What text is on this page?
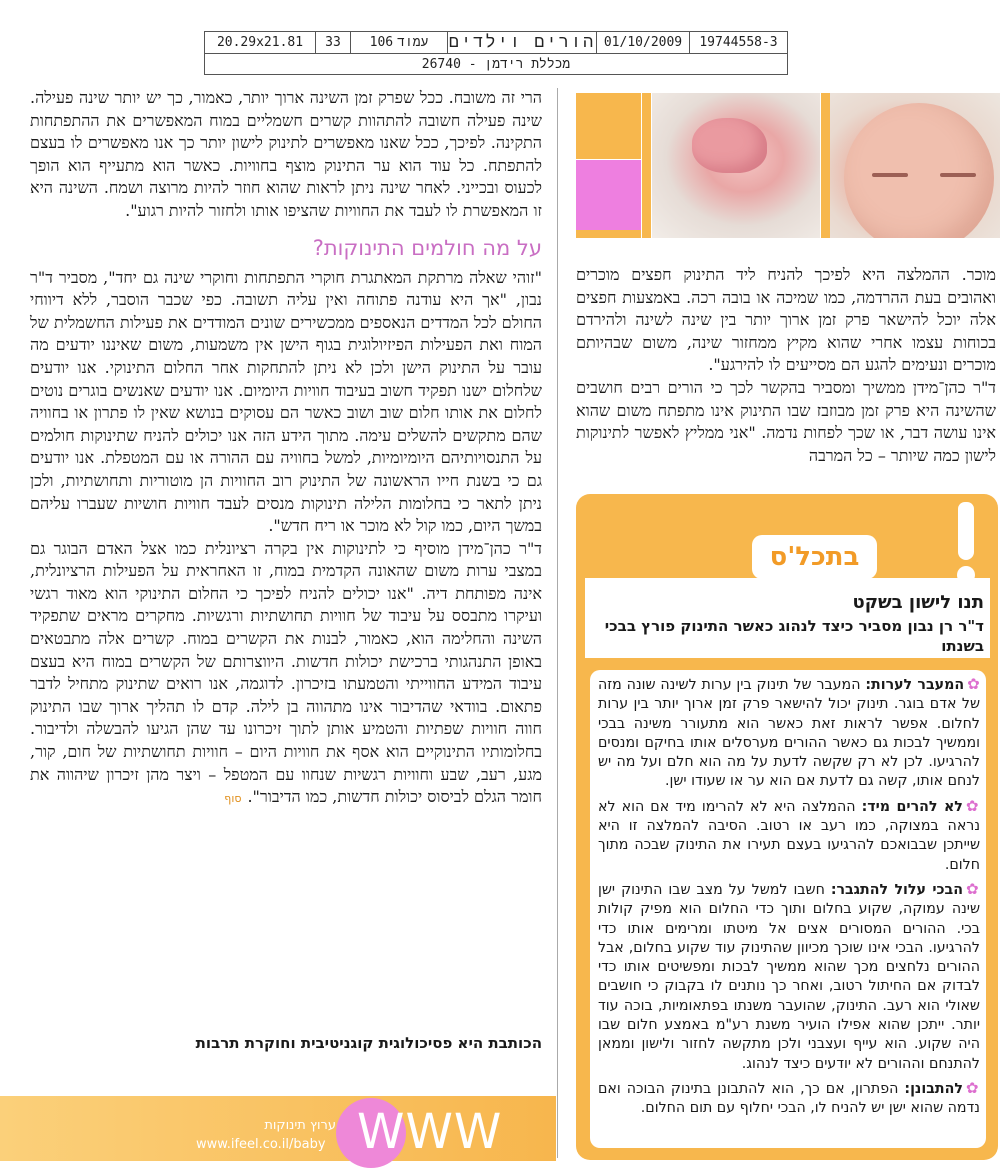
20.29x21.81	33	עמוד
106	הורים וילדים 01/10/2009	19744558-3
מכללת רידמן - 26740

הרי זה משובח. ככל שפרק זמן השינה ארוך יותר, כאמור, כך יש יותר שינה פעילה. שינה פעילה חשובה להתהוות קשרים חשמליים במוח המאפשרים את ההתפתחות התקינה. לפיכך, ככל שאנו מאפשרים לתינוק לישון יותר כך אנו מאפשרים לו בעצם להתפתח. כל עוד הוא ער התינוק מוצף בחוויות. כאשר הוא מתעייף הוא הופך לכעוס ובכייני. לאחר שינה ניתן לראות שהוא חוזר להיות מרוצה ושמח. השינה היא זו המאפשרת לו לעבד את החוויות שהציפו אותו ולחזור להיות רגוע".

על מה חולמים התינוקות?

"זוהי שאלה מרתקת המאתגרת חוקרי התפתחות וחוקרי שינה גם יחד", מסביר ד"ר נבון, "אך היא עודנה פתוחה ואין עליה תשובה. כפי שכבר הוסבר, ללא דיווחי החולם לכל המדדים הנאספים ממכשירים שונים המודדים את פעילות החשמלית של המוח ואת הפעילות הפיזיולוגית בגוף הישן אין משמעות, משום שאיננו יודעים מה עובר על התינוק הישן ולכן לא ניתן להתחקות אחר החלום התינוקי. אנו יודעים שלחלום ישנו תפקיד חשוב בעיבוד חוויות היומיום. אנו יודעים שאנשים בוגרים נוטים לחלום את אותו חלום שוב ושוב כאשר הם עסוקים בנושא שאין לו פתרון או בחוויה שהם מתקשים להשלים עימה. מתוך הידע הזה אנו יכולים להניח שתינוקות חולמים על התנסויותיהם היומיומיות, למשל בחוויה עם ההורה או עם המטפלת. אנו יודעים גם כי בשנת חייו הראשונה של התינוק רוב החוויות הן מוטוריות ותחושתיות, ולכן ניתן לתאר כי בחלומות הלילה תינוקות מנסים לעבד חוויות חושיות שעברו עליהם במשך היום, כמו קול לא מוכר או ריח חדש".

ד"ר כהן־מידן מוסיף כי לתינוקות אין בקרה רציונלית כמו אצל האדם הבוגר גם במצבי ערות משום שהאונה הקדמית במוח, זו האחראית על הפעילות הרציונלית, אינה מפותחת דיה. "אנו יכולים להניח לפיכך כי החלום התינוקי הוא מאוד רגשי ועיקרו מתבסס על עיבוד של חוויות תחושתיות ורגשיות. מחקרים מראים שתפקיד השינה והחלימה הוא, כאמור, לבנות את הקשרים במוח. קשרים אלה מתבטאים באופן התנהגותי ברכישת יכולות חדשות. היווצרותם של הקשרים במוח היא בעצם עיבוד המידע החווייתי והטמעתו בזיכרון. לדוגמה, אנו רואים שתינוק מתחיל לדבר פתאום. בוודאי שהדיבור אינו מתהווה בן לילה. קדם לו תהליך ארוך שבו התינוק חווה חוויות שפתיות והטמיע אותן לתוך זיכרונו עד שהן הגיעו להבשלה ולדיבור. בחלומותיו התינוקיים הוא אסף את חוויות היום – חוויות תחושתיות של חום, קור, מגע, רעב, שבע וחוויות רגשיות שנחוו עם המטפל – ויצר מהן זיכרון שיהווה את חומר הגלם לביסוס יכולות חדשות, כמו הדיבור".סוף

הכותבת היא פסיכולוגית קוגניטיבית וחוקרת תרבות

מוכר. ההמלצה היא לפיכך להניח ליד התינוק חפצים מוכרים ואהובים בעת ההרדמה, כמו שמיכה או בובה רכה. באמצעות חפצים אלה יוכל להישאר פרק זמן ארוך יותר בין שינה לשינה ולהירדם בכוחות עצמו אחרי שהוא מקיץ ממחזור שינה, משום שבהיותם מוכרים ונעימים להגע הם מסייעים לו להירגע".

ד"ר כהן־מידן ממשיך ומסביר בהקשר לכך כי הורים רבים חושבים שהשינה היא פרק זמן מבוזבז שבו התינוק אינו מתפתח משום שהוא אינו עושה דבר, או שכך לפחות נדמה. "אני ממליץ לאפשר לתינוקות לישון כמה שיותר – כל המרבה

WWW
ערוץ תינוקות
www.ifeel.co.il/baby
בתכל'ס
תנו לישון בשקט
ד"ר רן נבון מסביר כיצד לנהוג כאשר התינוק פורץ בבכי בשנתו

✿המעבר לערות: המעבר של תינוק בין ערות לשינה שונה מזה של אדם בוגר. תינוק יכול להישאר פרק זמן ארוך יותר בין ערות לחלום. אפשר לראות זאת כאשר הוא מתעורר משינה בבכי וממשיך לבכות גם כאשר ההורים מערסלים אותו בחיקם ומנסים להרגיעו. לכן לא רק שקשה לדעת על מה הוא חלם ועל מה יש לנחם אותו, קשה גם לדעת אם הוא ער או שעודו ישן.

✿לא להרים מיד: ההמלצה היא לא להרימו מיד אם הוא לא נראה במצוקה, כמו רעב או רטוב. הסיבה להמלצה זו היא שייתכן שבבואכם להרגיעו בעצם תעירו את התינוק שבכה מתוך חלום.

✿הבכי עלול להתגבר: חשבו למשל על מצב שבו התינוק ישן שינה עמוקה, שקוע בחלום ותוך כדי החלום הוא מפיק קולות בכי. ההורים המסורים אצים אל מיטתו ומרימים אותו כדי להרגיעו. הבכי אינו שוכך מכיוון שהתינוק עוד שקוע בחלום, אבל ההורים נלחצים מכך שהוא ממשיך לבכות ומפשיטים אותו כדי לבדוק אם החיתול רטוב, ואחר כך נותנים לו בקבוק כי חושבים שאולי הוא רעב. התינוק, שהועבר משנתו בפתאומיות, בוכה עוד יותר. ייתכן שהוא אפילו הועיר משנת רע"מ באמצע חלום שבו היה שקוע. הוא עייף ועצבני ולכן מתקשה לחזור ולישון וממאן להתנחם וההורים לא יודעים כיצד לנהוג.

✿להתבונן: הפתרון, אם כך, הוא להתבונן בתינוק הבוכה ואם נדמה שהוא ישן יש להניח לו, הבכי יחלוף עם תום החלום.
